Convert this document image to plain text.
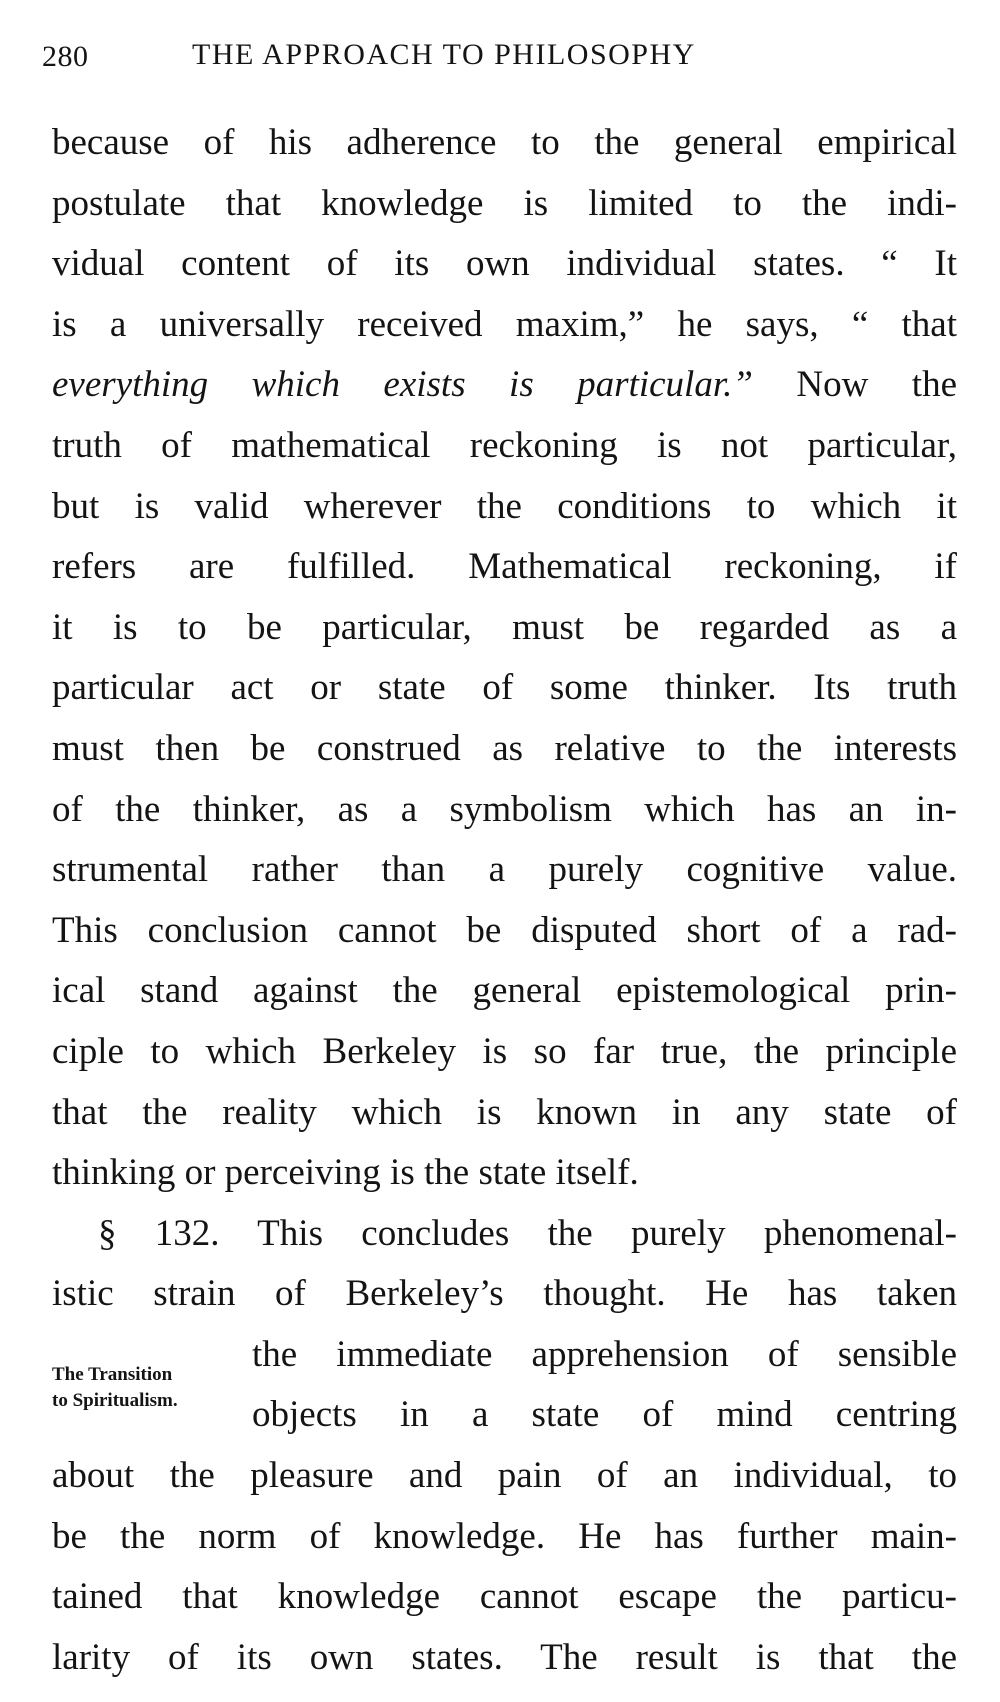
280	THE APPROACH TO PHILOSOPHY
because of his adherence to the general empirical
postulate that knowledge is limited to the indi-
vidual content of its own individual states. “ It
is a universally received maxim,” he says, “ that
everything which exists is particular.” Now the
truth of mathematical reckoning is not particular,
but is valid wherever the conditions to which it
refers are fulfilled. Mathematical reckoning, if
it is to be particular, must be regarded as a
particular act or state of some thinker. Its truth
must then be construed as relative to the interests
of the thinker, as a symbolism which has an in-
strumental rather than a purely cognitive value.
This conclusion cannot be disputed short of a rad-
ical stand against the general epistemological prin-
ciple to which Berkeley is so far true, the principle
that the reality which is known in any state of
thinking or perceiving is the state itself.
§ 132. This concludes the purely phenomenal-
istic strain of Berkeley’s thought. He has taken
the immediate apprehension of sensible
objects in a state of mind centring
about the pleasure and pain of an individual, to
be the norm of knowledge. He has further main-
tained that knowledge cannot escape the particu-
larity of its own states. The result is that the
The Transition
to Spiritualism.
